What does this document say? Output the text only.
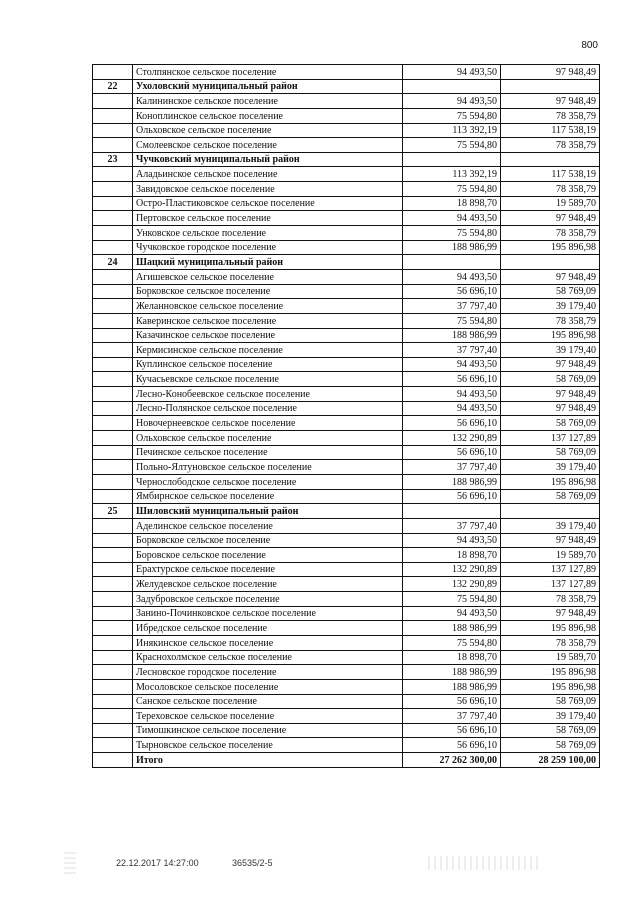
800
	Столпянское сельское поселение	94 493,50	97 948,49
22	Ухоловский муниципальный район		
	Калининское сельское поселение	94 493,50	97 948,49
	Коноплинское сельское поселение	75 594,80	78 358,79
	Ольховское сельское поселение	113 392,19	117 538,19
	Смолеевское сельское поселение	75 594,80	78 358,79
23	Чучковский муниципальный район		
	Аладьинское сельское поселение	113 392,19	117 538,19
	Завидовское сельское поселение	75 594,80	78 358,79
	Остро-Пластиковское сельское поселение	18 898,70	19 589,70
	Пертовское сельское поселение	94 493,50	97 948,49
	Унковское сельское поселение	75 594,80	78 358,79
	Чучковское городское поселение	188 986,99	195 896,98
24	Шацкий муниципальный район		
	Агишевское сельское поселение	94 493,50	97 948,49
	Борковское сельское поселение	56 696,10	58 769,09
	Желанновское сельское поселение	37 797,40	39 179,40
	Каверинское сельское поселение	75 594,80	78 358,79
	Казачинское сельское поселение	188 986,99	195 896,98
	Кермисинское сельское поселение	37 797,40	39 179,40
	Куплинское сельское поселение	94 493,50	97 948,49
	Кучасьевское сельское поселение	56 696,10	58 769,09
	Лесно-Конобеевское сельское поселение	94 493,50	97 948,49
	Лесно-Полянское сельское поселение	94 493,50	97 948,49
	Новочернеевское сельское поселение	56 696,10	58 769,09
	Ольховское сельское поселение	132 290,89	137 127,89
	Печинское сельское поселение	56 696,10	58 769,09
	Польно-Ялтуновское сельское поселение	37 797,40	39 179,40
	Чернослободское сельское поселение	188 986,99	195 896,98
	Ямбирнское сельское поселение	56 696,10	58 769,09
25	Шиловский муниципальный район		
	Аделинское сельское поселение	37 797,40	39 179,40
	Борковское сельское поселение	94 493,50	97 948,49
	Боровское сельское поселение	18 898,70	19 589,70
	Ерахтурское сельское поселение	132 290,89	137 127,89
	Желудевское сельское поселение	132 290,89	137 127,89
	Задубровское сельское поселение	75 594,80	78 358,79
	Занино-Починковское сельское поселение	94 493,50	97 948,49
	Ибредское сельское поселение	188 986,99	195 896,98
	Инякинское сельское поселение	75 594,80	78 358,79
	Краснохолмское сельское поселение	18 898,70	19 589,70
	Лесновское городское поселение	188 986,99	195 896,98
	Мосоловское сельское поселение	188 986,99	195 896,98
	Санское сельское поселение	56 696,10	58 769,09
	Тереховское сельское поселение	37 797,40	39 179,40
	Тимошкинское сельское поселение	56 696,10	58 769,09
	Тырновское сельское поселение	56 696,10	58 769,09
	Итого	27 262 300,00	28 259 100,00
22.12.2017 14:27:00	36535/2-5
